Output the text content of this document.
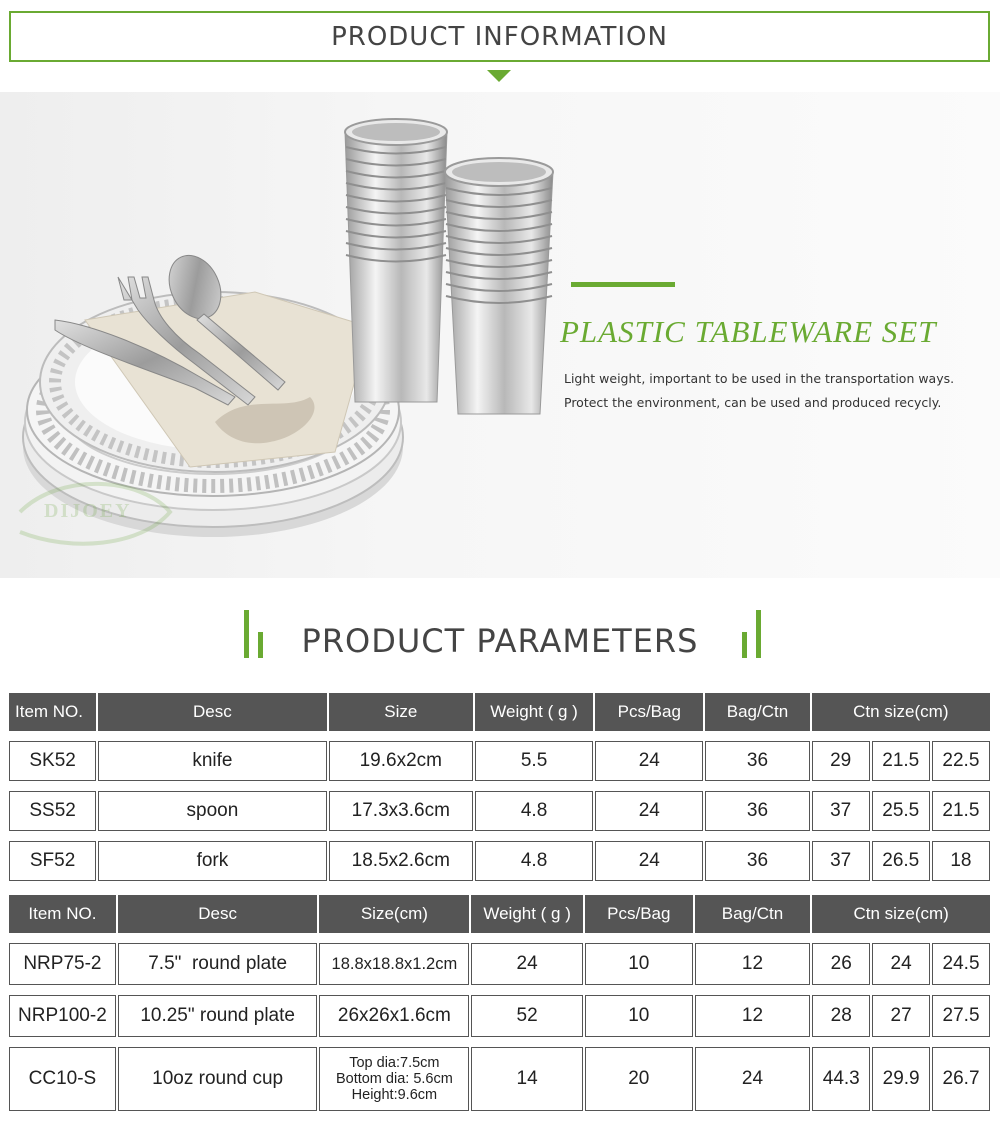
PRODUCT INFORMATION
DIJOEY
PLASTIC TABLEWARE SET
Light weight, important to be used in the transportation ways.
Protect the environment, can be used and produced recycly.
PRODUCT PARAMETERS
Item NO.	Desc	Size	Weight ( g )	Pcs/Bag	Bag/Ctn	Ctn size(cm)		

SK52	knife	19.6x2cm	5.5	24	36	29	21.5	22.5

SS52	spoon	17.3x3.6cm	4.8	24	36	37	25.5	21.5

SF52	fork	18.5x2.6cm	4.8	24	36	37	26.5	18
Item NO.	Desc	Size(cm)	Weight ( g )	Pcs/Bag	Bag/Ctn	Ctn size(cm)		

NRP75-2	7.5"  round plate	18.8x18.8x1.2cm	24	10	12	26	24	24.5

NRP100-2	10.25" round plate	26x26x1.6cm	52	10	12	28	27	27.5

CC10-S	10oz round cup	Top dia:7.5cm
Bottom dia: 5.6cm
Height:9.6cm	14	20	24	44.3	29.9	26.7
